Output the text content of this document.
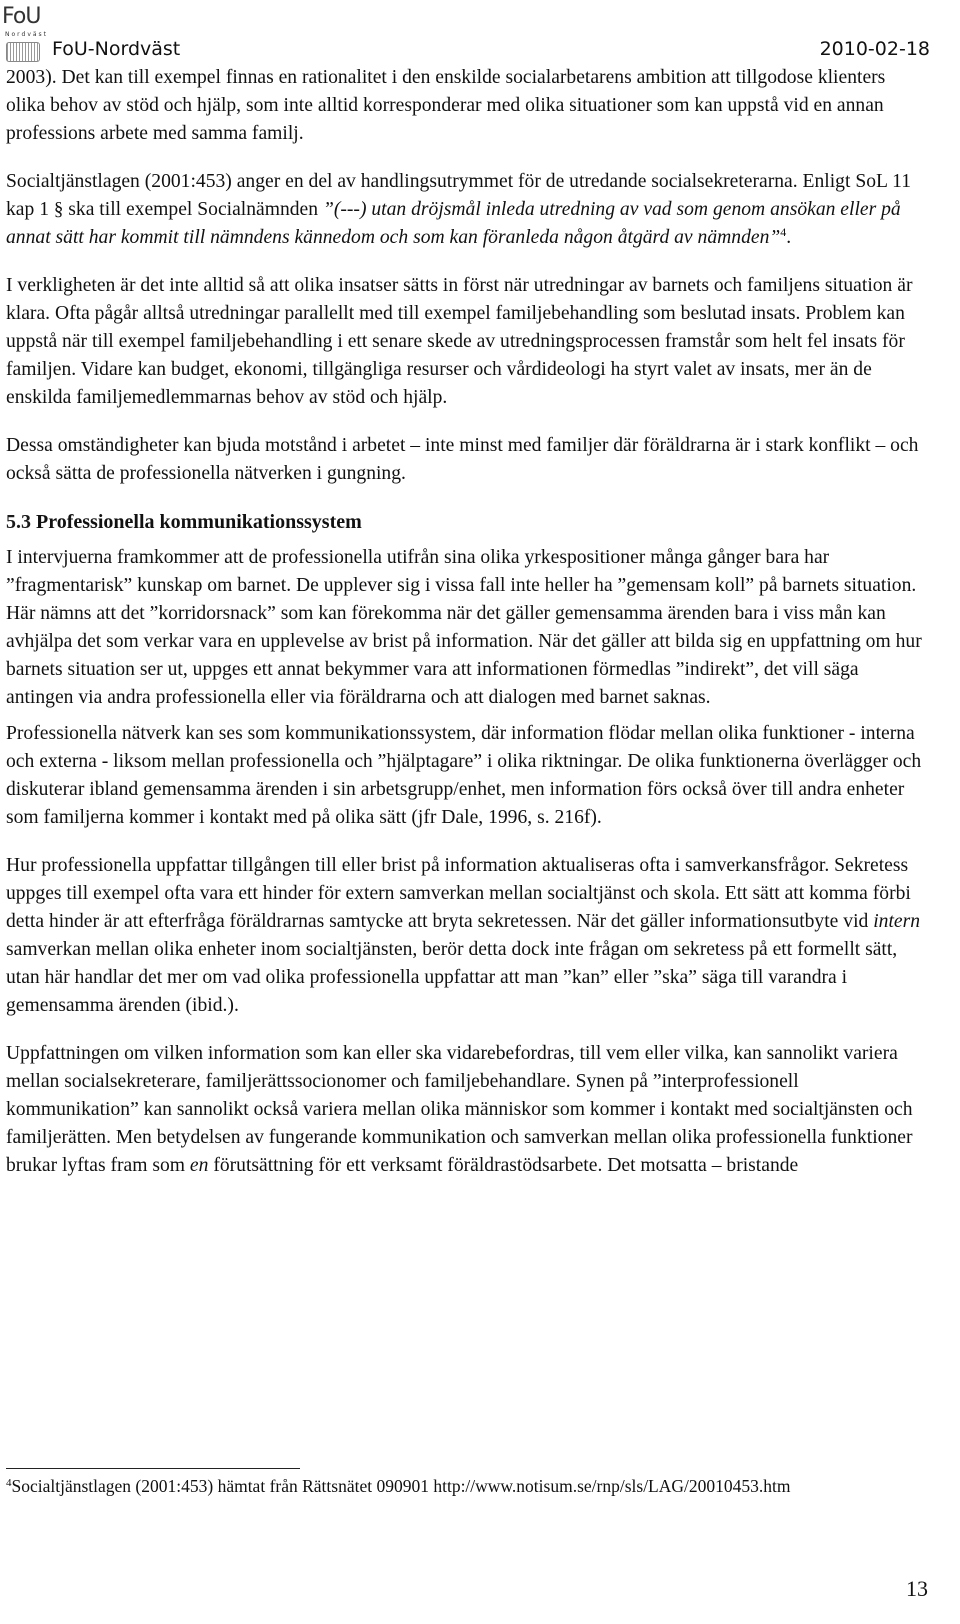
FoU
Nordväst
FoU-Nordväst	2010-02-18

2003). Det kan till exempel finnas en rationalitet i den enskilde socialarbetarens ambition att tillgodose klienters olika behov av stöd och hjälp, som inte alltid korresponderar med olika situationer som kan uppstå vid en annan professions arbete med samma familj.

Socialtjänstlagen (2001:453) anger en del av handlingsutrymmet för de utredande socialsekreterarna. Enligt SoL 11 kap 1 § ska till exempel Socialnämnden ”(---) utan dröjsmål inleda utredning av vad som genom ansökan eller på annat sätt har kommit till nämndens kännedom och som kan föranleda någon åtgärd av nämnden”$^4$.

I verkligheten är det inte alltid så att olika insatser sätts in först när utredningar av barnets och familjens situation är klara. Ofta pågår alltså utredningar parallellt med till exempel familjebehandling som beslutad insats. Problem kan uppstå när till exempel familjebehandling i ett senare skede av utredningsprocessen framstår som helt fel insats för familjen. Vidare kan budget, ekonomi, tillgängliga resurser och vårdideologi ha styrt valet av insats, mer än de enskilda familjemedlemmarnas behov av stöd och hjälp.

Dessa omständigheter kan bjuda motstånd i arbetet – inte minst med familjer där föräldrarna är i stark konflikt – och också sätta de professionella nätverken i gungning.

5.3 Professionella kommunikationssystem

I intervjuerna framkommer att de professionella utifrån sina olika yrkespositioner många gånger bara har ”fragmentarisk” kunskap om barnet. De upplever sig i vissa fall inte heller ha ”gemensam koll” på barnets situation. Här nämns att det ”korridorsnack” som kan förekomma när det gäller gemensamma ärenden bara i viss mån kan avhjälpa det som verkar vara en upplevelse av brist på information. När det gäller att bilda sig en uppfattning om hur barnets situation ser ut, uppges ett annat bekymmer vara att informationen förmedlas ”indirekt”, det vill säga antingen via andra professionella eller via föräldrarna och att dialogen med barnet saknas.

Professionella nätverk kan ses som kommunikationssystem, där information flödar mellan olika funktioner - interna och externa - liksom mellan professionella och ”hjälptagare” i olika riktningar. De olika funktionerna överlägger och diskuterar ibland gemensamma ärenden i sin arbetsgrupp/enhet, men information förs också över till andra enheter som familjerna kommer i kontakt med på olika sätt (jfr Dale, 1996, s. 216f).

Hur professionella uppfattar tillgången till eller brist på information aktualiseras ofta i samverkansfrågor. Sekretess uppges till exempel ofta vara ett hinder för extern samverkan mellan socialtjänst och skola. Ett sätt att komma förbi detta hinder är att efterfråga föräldrarnas samtycke att bryta sekretessen. När det gäller informationsutbyte vid intern samverkan mellan olika enheter inom socialtjänsten, berör detta dock inte frågan om sekretess på ett formellt sätt, utan här handlar det mer om vad olika professionella uppfattar att man ”kan” eller ”ska” säga till varandra i gemensamma ärenden (ibid.).

Uppfattningen om vilken information som kan eller ska vidarebefordras, till vem eller vilka, kan sannolikt variera mellan socialsekreterare, familjerättssocionomer och familjebehandlare. Synen på ”interprofessionell kommunikation” kan sannolikt också variera mellan olika människor som kommer i kontakt med socialtjänsten och familjerätten. Men betydelsen av fungerande kommunikation och samverkan mellan olika professionella funktioner brukar lyftas fram som en förutsättning för ett verksamt föräldrastödsarbete. Det motsatta – bristande

$^4$Socialtjänstlagen (2001:453) hämtat från Rättsnätet 090901 http://www.notisum.se/rnp/sls/LAG/20010453.htm
13
